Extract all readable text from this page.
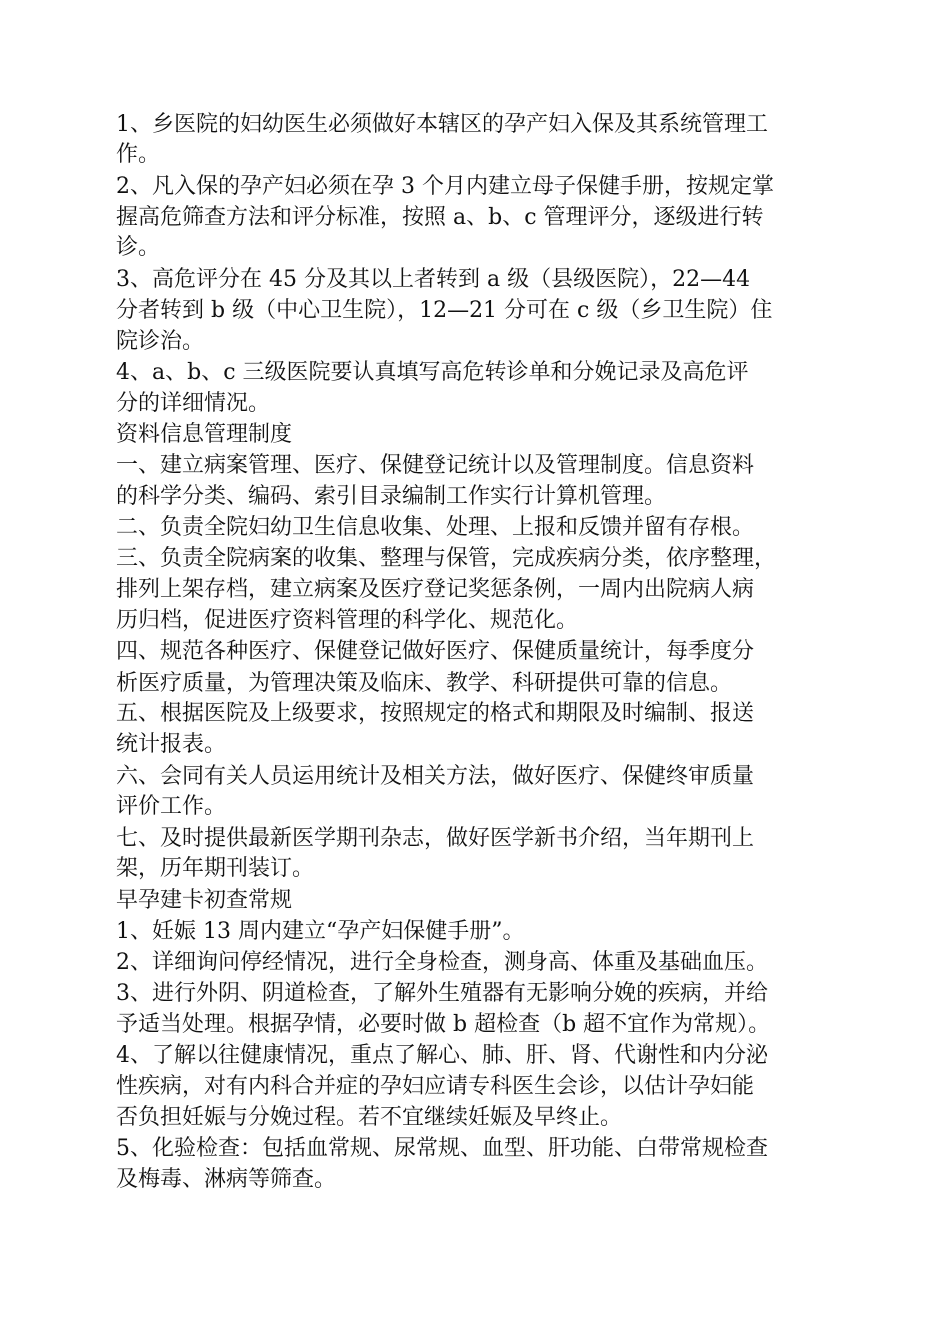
1、乡医院的妇幼医生必须做好本辖区的孕产妇入保及其系统管理工
作。
2、凡入保的孕产妇必须在孕 3 个月内建立母子保健手册，按规定掌
握高危筛查方法和评分标准，按照 a、b、c 管理评分，逐级进行转
诊。
3、高危评分在 45 分及其以上者转到 a 级（县级医院），22—44
分者转到 b 级（中心卫生院），12—21 分可在 c 级（乡卫生院）住
院诊治。
4、a、b、c 三级医院要认真填写高危转诊单和分娩记录及高危评
分的详细情况。
资料信息管理制度
一、建立病案管理、医疗、保健登记统计以及管理制度。信息资料
的科学分类、编码、索引目录编制工作实行计算机管理。
二、负责全院妇幼卫生信息收集、处理、上报和反馈并留有存根。
三、负责全院病案的收集、整理与保管，完成疾病分类，依序整理，
排列上架存档，建立病案及医疗登记奖惩条例，一周内出院病人病
历归档，促进医疗资料管理的科学化、规范化。
四、规范各种医疗、保健登记做好医疗、保健质量统计，每季度分
析医疗质量，为管理决策及临床、教学、科研提供可靠的信息。
五、根据医院及上级要求，按照规定的格式和期限及时编制、报送
统计报表。
六、会同有关人员运用统计及相关方法，做好医疗、保健终审质量
评价工作。
七、及时提供最新医学期刊杂志，做好医学新书介绍，当年期刊上
架，历年期刊装订。
早孕建卡初查常规
1、妊娠 13 周内建立“孕产妇保健手册”。
2、详细询问停经情况，进行全身检查，测身高、体重及基础血压。
3、进行外阴、阴道检查，了解外生殖器有无影响分娩的疾病，并给
予适当处理。根据孕情，必要时做 b 超检查（b 超不宜作为常规）。
4、了解以往健康情况，重点了解心、肺、肝、肾、代谢性和内分泌
性疾病，对有内科合并症的孕妇应请专科医生会诊，以估计孕妇能
否负担妊娠与分娩过程。若不宜继续妊娠及早终止。
5、化验检查：包括血常规、尿常规、血型、肝功能、白带常规检查
及梅毒、淋病等筛查。
